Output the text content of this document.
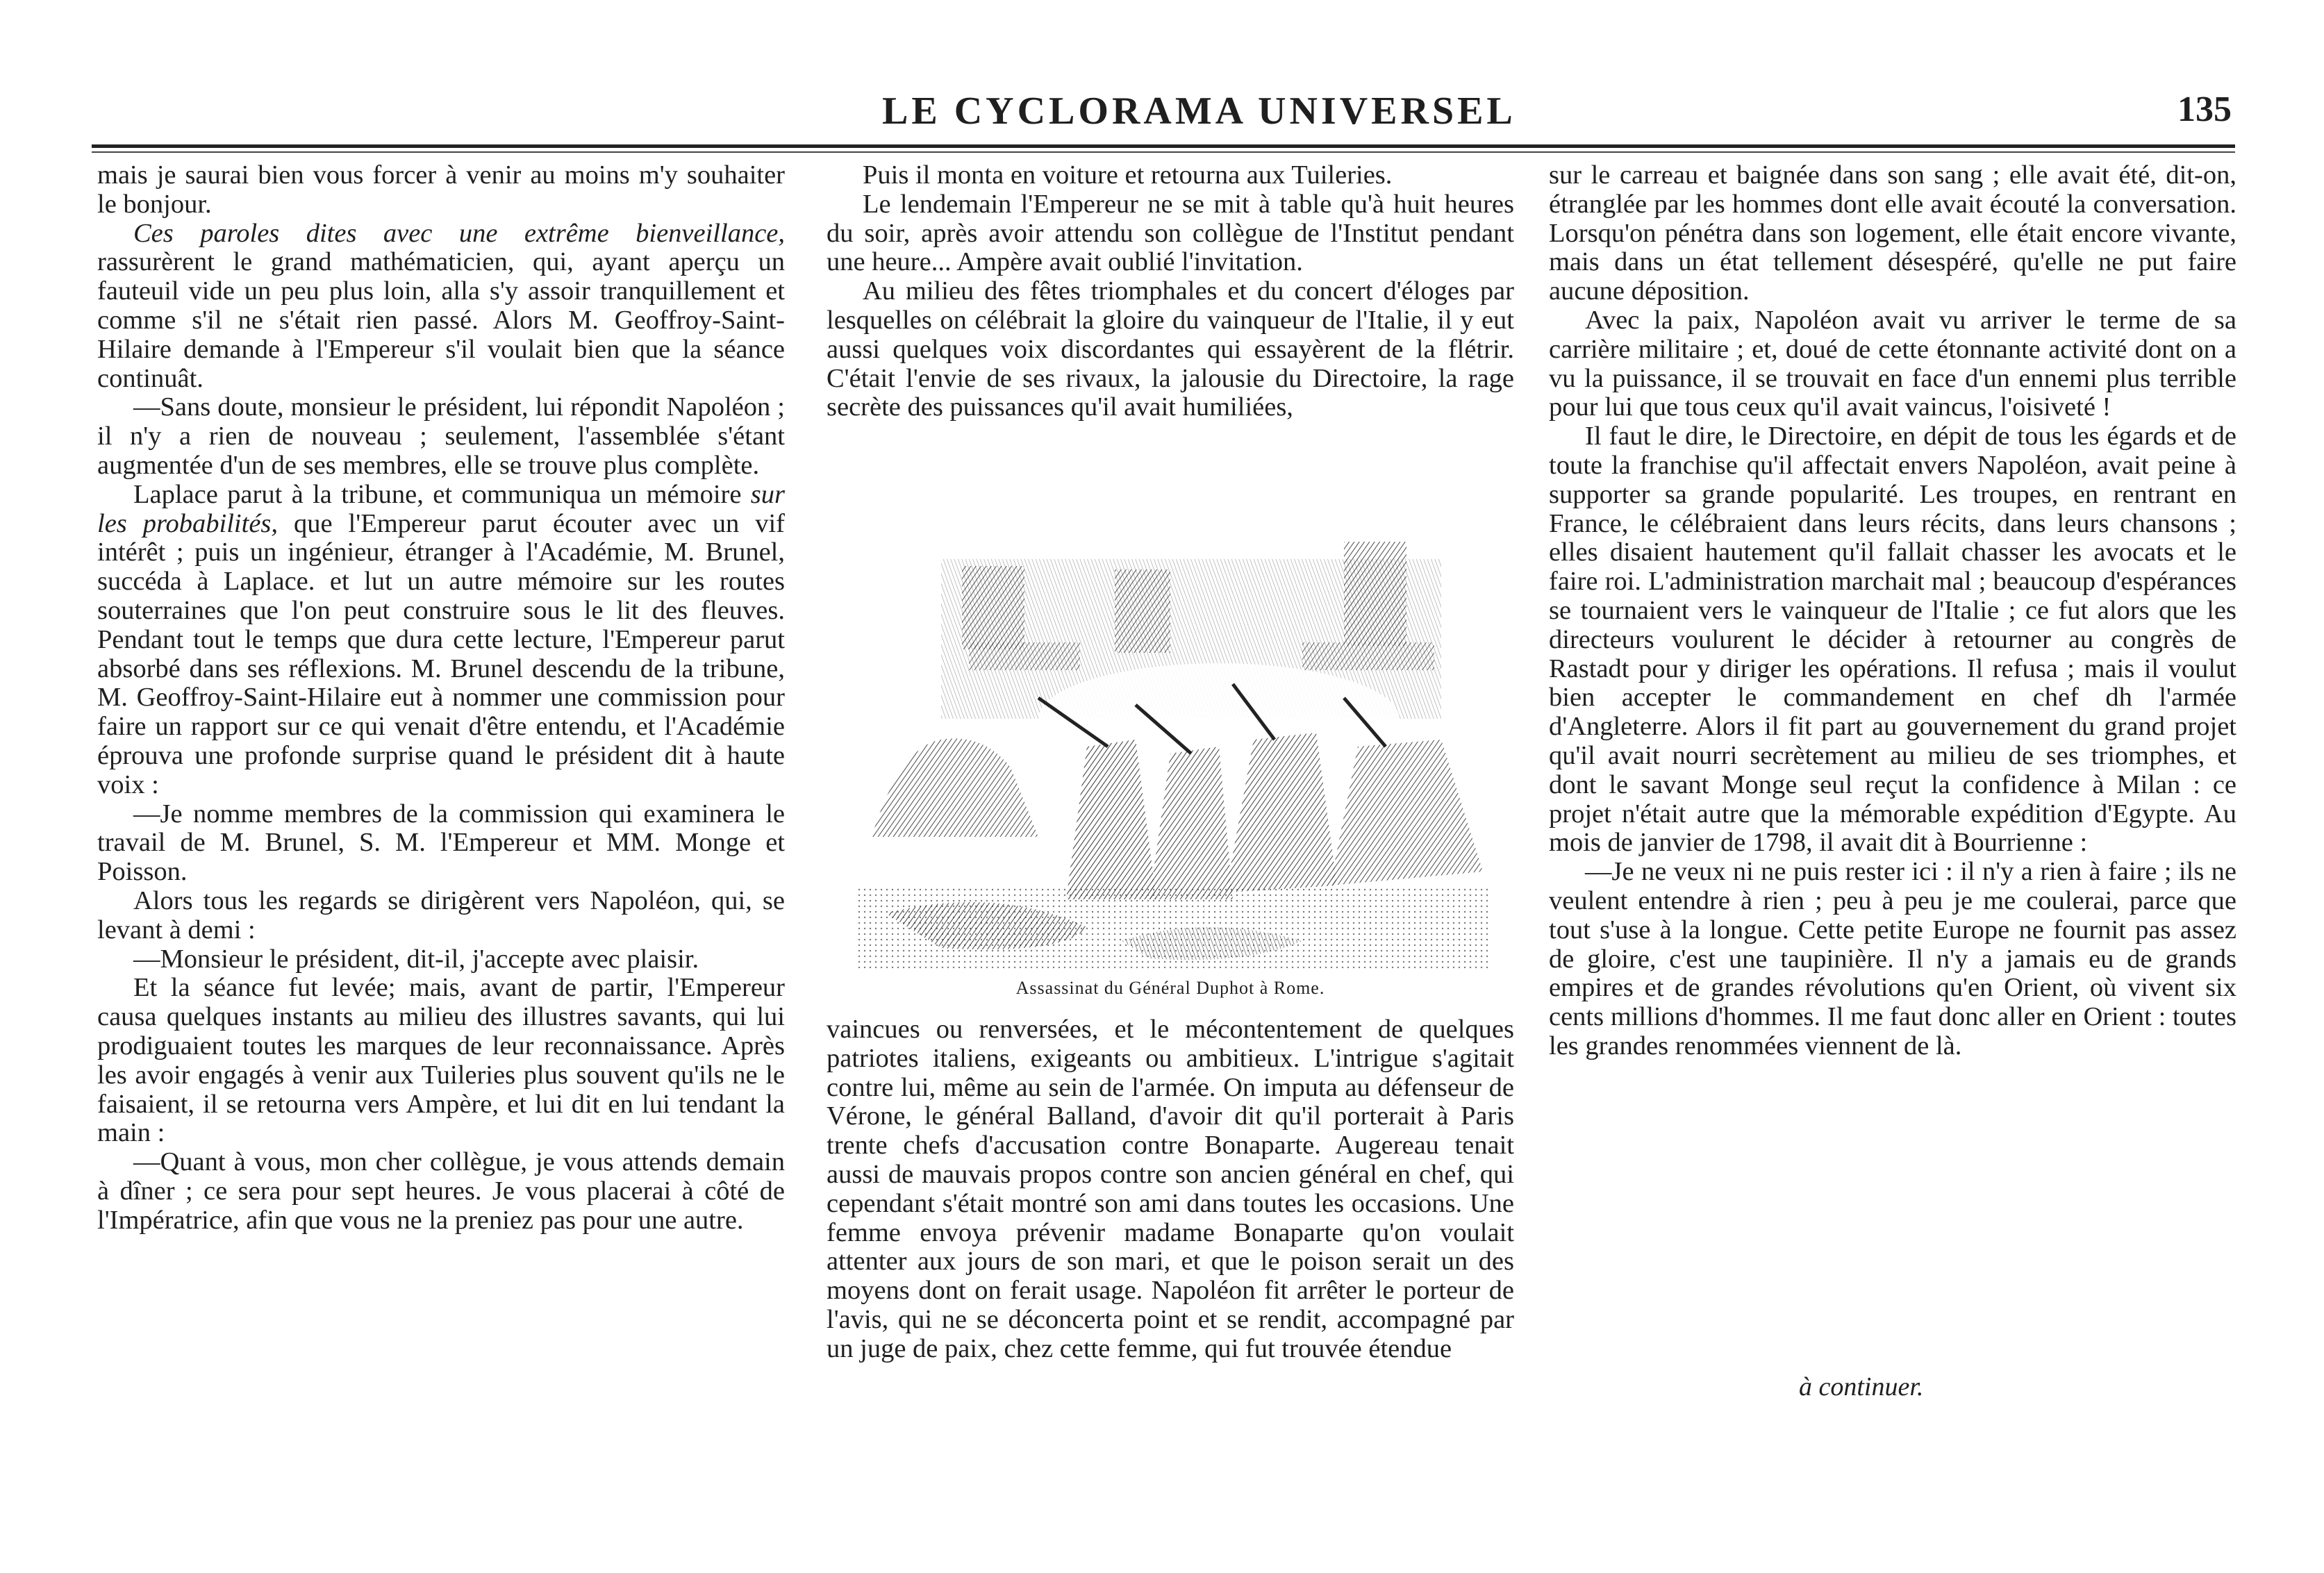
LE CYCLORAMA UNIVERSEL	135

mais je saurai bien vous forcer à venir au moins m'y souhaiter le bonjour.

Ces paroles dites avec une extrême bienveillance, rassurèrent le grand mathématicien, qui, ayant aperçu un fauteuil vide un peu plus loin, alla s'y assoir tranquillement et comme s'il ne s'était rien passé. Alors M. Geoffroy-Saint-Hilaire demande à l'Empereur s'il voulait bien que la séance continuât.

—Sans doute, monsieur le président, lui répondit Napoléon ; il n'y a rien de nouveau ; seulement, l'assemblée s'étant augmentée d'un de ses membres, elle se trouve plus complète.

Laplace parut à la tribune, et communiqua un mémoire sur les probabilités, que l'Empereur parut écouter avec un vif intérêt ; puis un ingénieur, étranger à l'Académie, M. Brunel, succéda à Laplace. et lut un autre mémoire sur les routes souterraines que l'on peut construire sous le lit des fleuves. Pendant tout le temps que dura cette lecture, l'Empereur parut absorbé dans ses réflexions. M. Brunel descendu de la tribune, M. Geoffroy-Saint-Hilaire eut à nommer une commission pour faire un rapport sur ce qui venait d'être entendu, et l'Académie éprouva une profonde surprise quand le président dit à haute voix :

—Je nomme membres de la commission qui examinera le travail de M. Brunel, S. M. l'Empereur et MM. Monge et Poisson.

Alors tous les regards se dirigèrent vers Napoléon, qui, se levant à demi :

—Monsieur le président, dit-il, j'accepte avec plaisir.

Et la séance fut levée; mais, avant de partir, l'Empereur causa quelques instants au milieu des illustres savants, qui lui prodiguaient toutes les marques de leur reconnaissance. Après les avoir engagés à venir aux Tuileries plus souvent qu'ils ne le faisaient, il se retourna vers Ampère, et lui dit en lui tendant la main :

—Quant à vous, mon cher collègue, je vous attends demain à dîner ; ce sera pour sept heures. Je vous placerai à côté de l'Impératrice, afin que vous ne la preniez pas pour une autre.

Puis il monta en voiture et retourna aux Tuileries.

Le lendemain l'Empereur ne se mit à table qu'à huit heures du soir, après avoir attendu son collègue de l'Institut pendant une heure... Ampère avait oublié l'invitation.

Au milieu des fêtes triomphales et du concert d'éloges par lesquelles on célébrait la gloire du vainqueur de l'Italie, il y eut aussi quelques voix discordantes qui essayèrent de la flétrir. C'était l'envie de ses rivaux, la jalousie du Directoire, la rage secrète des puissances qu'il avait humiliées,

Assassinat du Général Duphot à Rome.

vaincues ou renversées, et le mécontentement de quelques patriotes italiens, exigeants ou ambitieux. L'intrigue s'agitait contre lui, même au sein de l'armée. On imputa au défenseur de Vérone, le général Balland, d'avoir dit qu'il porterait à Paris trente chefs d'accusation contre Bonaparte. Augereau tenait aussi de mauvais propos contre son ancien général en chef, qui cependant s'était montré son ami dans toutes les occasions. Une femme envoya prévenir madame Bonaparte qu'on voulait attenter aux jours de son mari, et que le poison serait un des moyens dont on ferait usage. Napoléon fit arrêter le porteur de l'avis, qui ne se déconcerta point et se rendit, accompagné par un juge de paix, chez cette femme, qui fut trouvée étendue

sur le carreau et baignée dans son sang ; elle avait été, dit-on, étranglée par les hommes dont elle avait écouté la conversation. Lorsqu'on pénétra dans son logement, elle était encore vivante, mais dans un état tellement désespéré, qu'elle ne put faire aucune déposition.

Avec la paix, Napoléon avait vu arriver le terme de sa carrière militaire ; et, doué de cette étonnante activité dont on a vu la puissance, il se trouvait en face d'un ennemi plus terrible pour lui que tous ceux qu'il avait vaincus, l'oisiveté !

Il faut le dire, le Directoire, en dépit de tous les égards et de toute la franchise qu'il affectait envers Napoléon, avait peine à supporter sa grande popularité. Les troupes, en rentrant en France, le célébraient dans leurs récits, dans leurs chansons ; elles disaient hautement qu'il fallait chasser les avocats et le faire roi. L'administration marchait mal ; beaucoup d'espérances se tournaient vers le vainqueur de l'Italie ; ce fut alors que les directeurs voulurent le décider à retourner au congrès de Rastadt pour y diriger les opérations. Il refusa ; mais il voulut bien accepter le commandement en chef dh l'armée d'Angleterre. Alors il fit part au gouvernement du grand projet qu'il avait nourri secrètement au milieu de ses triomphes, et dont le savant Monge seul reçut la confidence à Milan : ce projet n'était autre que la mémorable expédition d'Egypte. Au mois de janvier de 1798, il avait dit à Bourrienne :

—Je ne veux ni ne puis rester ici : il n'y a rien à faire ; ils ne veulent entendre à rien ; peu à peu je me coulerai, parce que tout s'use à la longue. Cette petite Europe ne fournit pas assez de gloire, c'est une taupinière. Il n'y a jamais eu de grands empires et de grandes révolutions qu'en Orient, où vivent six cents millions d'hommes. Il me faut donc aller en Orient : toutes les grandes renommées viennent de là.

à continuer.
